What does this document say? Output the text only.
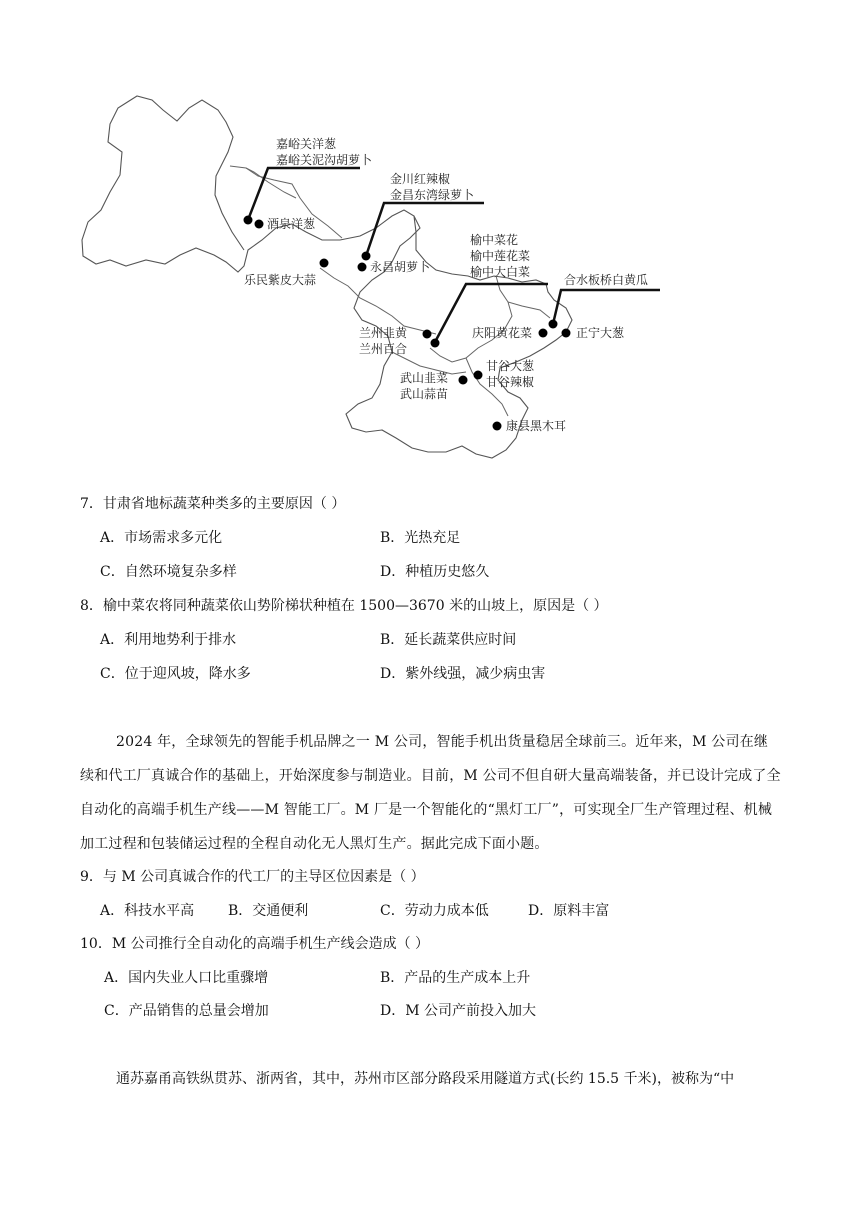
嘉峪关洋葱
嘉峪关泥沟胡萝卜
酒泉洋葱
金川红辣椒
金昌东湾绿萝卜
永昌胡萝卜
乐民紫皮大蒜
榆中菜花
榆中莲花菜
榆中大白菜
合水板桥白黄瓜
兰州韭黄
兰州百合
庆阳黄花菜	正宁大葱
武山韭菜
武山蒜苗
甘谷大葱
甘谷辣椒
康县黑木耳
7．甘肃省地标蔬菜种类多的主要原因（ ）
A．市场需求多元化	B．光热充足
C．自然环境复杂多样	D．种植历史悠久
8．榆中菜农将同种蔬菜依山势阶梯状种植在 1500—3670 米的山坡上，原因是（ ）
A．利用地势利于排水	B．延长蔬菜供应时间
C．位于迎风坡，降水多	D．紫外线强，减少病虫害
2024 年，全球领先的智能手机品牌之一 M 公司，智能手机出货量稳居全球前三。近年来，M 公司在继续和代工厂真诚合作的基础上，开始深度参与制造业。目前，M 公司不但自研大量高端装备，并已设计完成了全自动化的高端手机生产线——M 智能工厂。M 厂是一个智能化的“黑灯工厂”，可实现全厂生产管理过程、机械加工过程和包装储运过程的全程自动化无人黑灯生产。据此完成下面小题。
9．与 M 公司真诚合作的代工厂的主导区位因素是（ ）
A．科技水平高 B．交通便利	C．劳动力成本低	D．原料丰富
10．M 公司推行全自动化的高端手机生产线会造成（ ）
A．国内失业人口比重骤增	B．产品的生产成本上升
C．产品销售的总量会增加	D．M 公司产前投入加大
通苏嘉甬高铁纵贯苏、浙两省，其中，苏州市区部分路段采用隧道方式(长约 15.5 千米)，被称为“中
